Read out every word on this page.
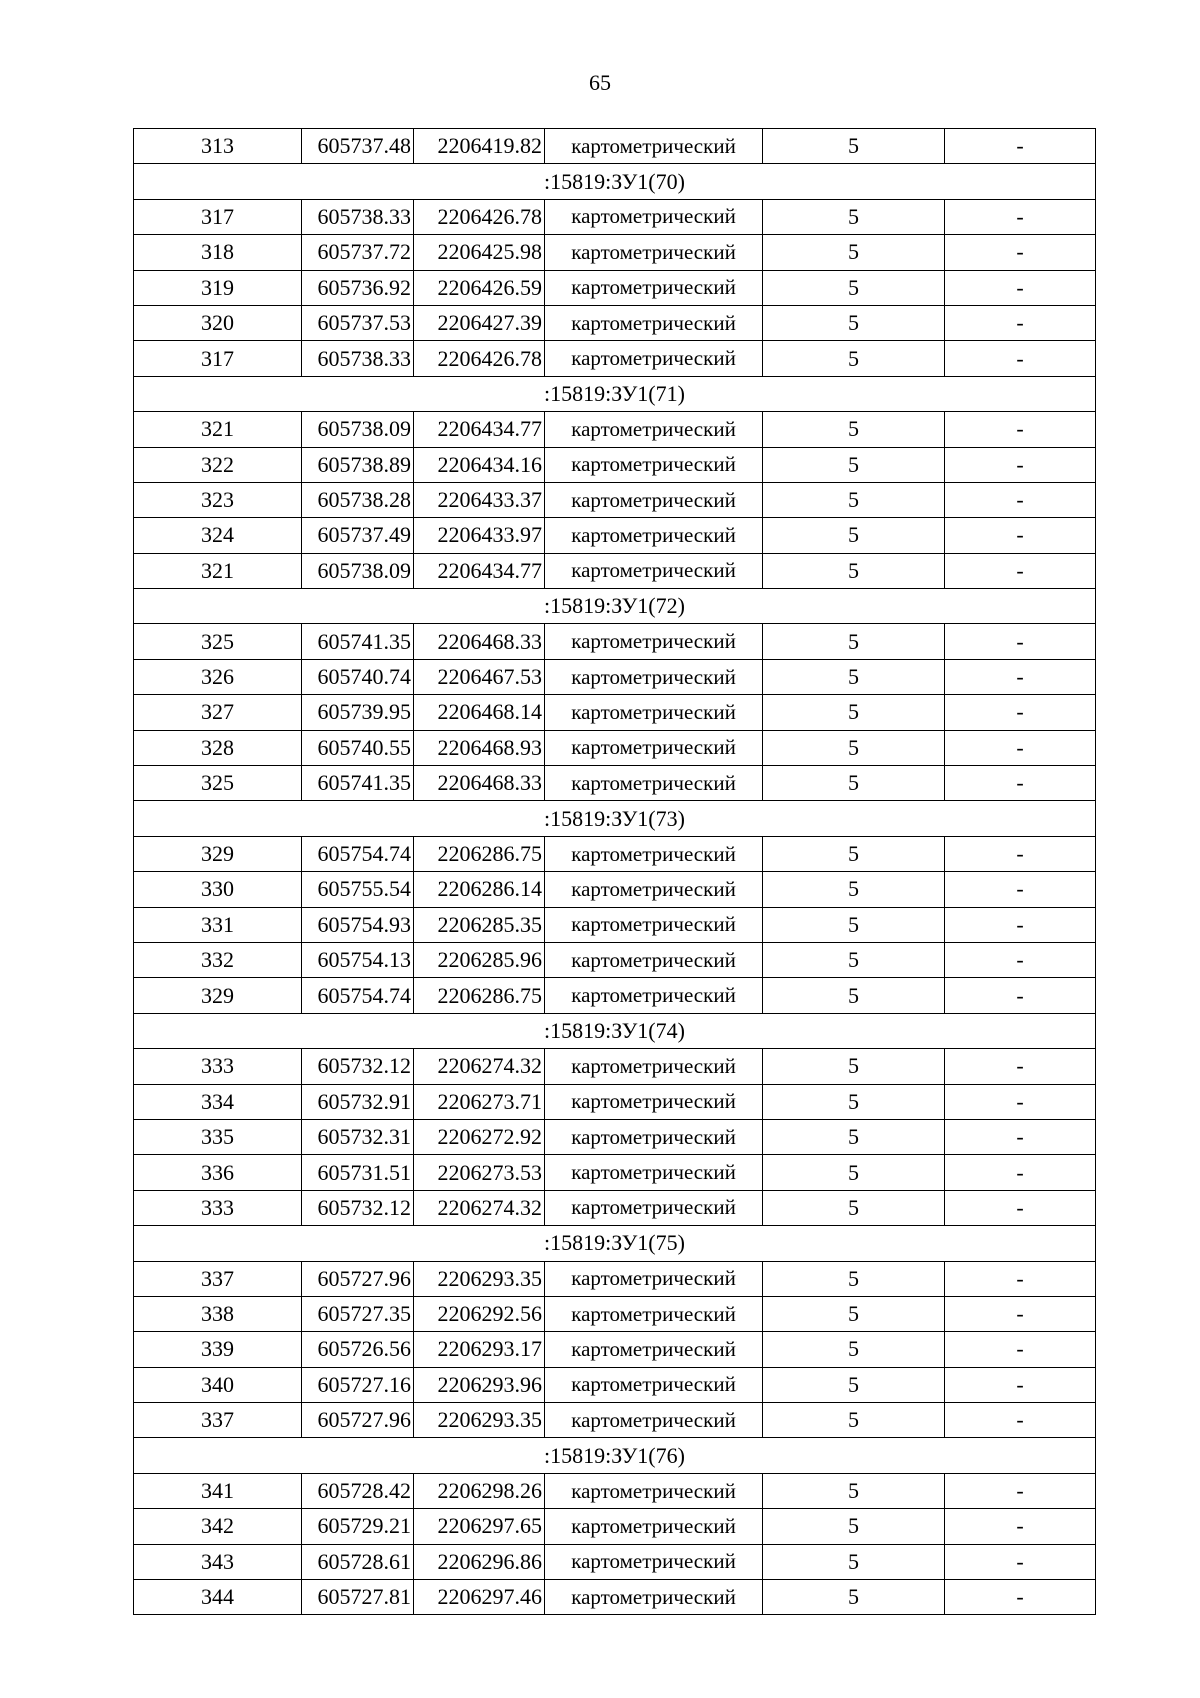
65
313	605737.48	2206419.82	картометрический	5	-
:15819:ЗУ1(70)					
317	605738.33	2206426.78	картометрический	5	-
318	605737.72	2206425.98	картометрический	5	-
319	605736.92	2206426.59	картометрический	5	-
320	605737.53	2206427.39	картометрический	5	-
317	605738.33	2206426.78	картометрический	5	-
:15819:ЗУ1(71)					
321	605738.09	2206434.77	картометрический	5	-
322	605738.89	2206434.16	картометрический	5	-
323	605738.28	2206433.37	картометрический	5	-
324	605737.49	2206433.97	картометрический	5	-
321	605738.09	2206434.77	картометрический	5	-
:15819:ЗУ1(72)					
325	605741.35	2206468.33	картометрический	5	-
326	605740.74	2206467.53	картометрический	5	-
327	605739.95	2206468.14	картометрический	5	-
328	605740.55	2206468.93	картометрический	5	-
325	605741.35	2206468.33	картометрический	5	-
:15819:ЗУ1(73)					
329	605754.74	2206286.75	картометрический	5	-
330	605755.54	2206286.14	картометрический	5	-
331	605754.93	2206285.35	картометрический	5	-
332	605754.13	2206285.96	картометрический	5	-
329	605754.74	2206286.75	картометрический	5	-
:15819:ЗУ1(74)					
333	605732.12	2206274.32	картометрический	5	-
334	605732.91	2206273.71	картометрический	5	-
335	605732.31	2206272.92	картометрический	5	-
336	605731.51	2206273.53	картометрический	5	-
333	605732.12	2206274.32	картометрический	5	-
:15819:ЗУ1(75)					
337	605727.96	2206293.35	картометрический	5	-
338	605727.35	2206292.56	картометрический	5	-
339	605726.56	2206293.17	картометрический	5	-
340	605727.16	2206293.96	картометрический	5	-
337	605727.96	2206293.35	картометрический	5	-
:15819:ЗУ1(76)					
341	605728.42	2206298.26	картометрический	5	-
342	605729.21	2206297.65	картометрический	5	-
343	605728.61	2206296.86	картометрический	5	-
344	605727.81	2206297.46	картометрический	5	-
